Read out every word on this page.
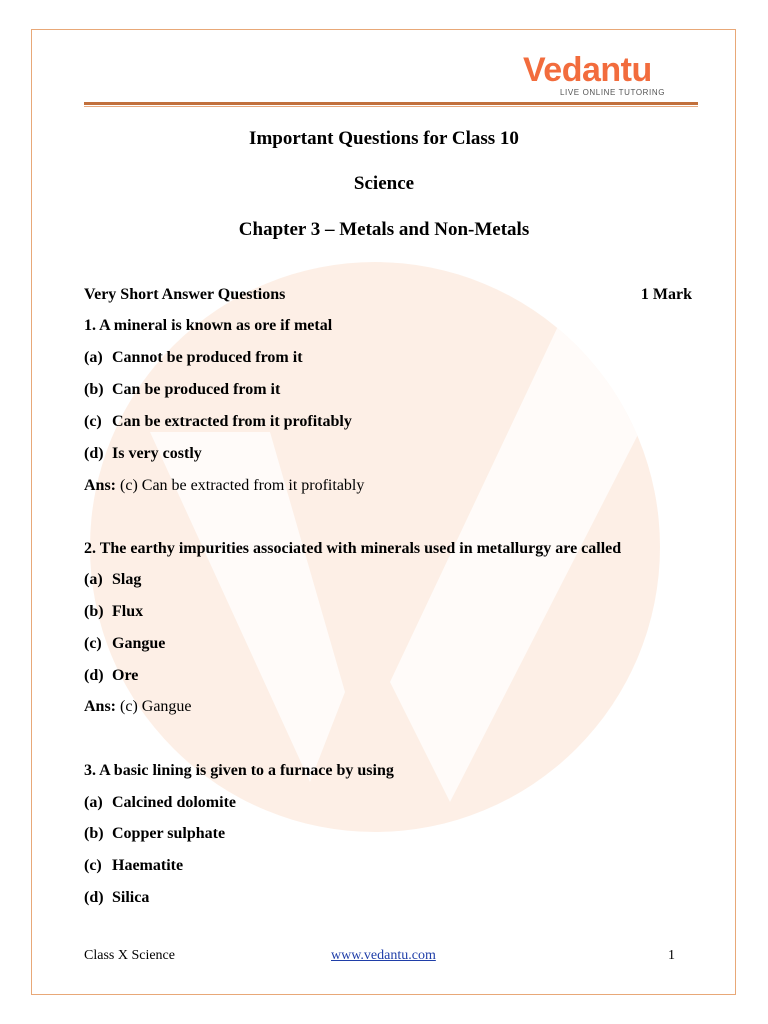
Vedantu
LIVE ONLINE TUTORING
Important Questions for Class 10
Science
Chapter 3 – Metals and Non-Metals
Very Short Answer Questions	1 Mark
1. A mineral is known as ore if metal
(a) Cannot be produced from it
(b) Can be produced from it
(c) Can be extracted from it profitably
(d) Is very costly
Ans: (c) Can be extracted from it profitably
2. The earthy impurities associated with minerals used in metallurgy are called
(a) Slag
(b) Flux
(c) Gangue
(d) Ore
Ans: (c) Gangue
3. A basic lining is given to a furnace by using
(a) Calcined dolomite
(b) Copper sulphate
(c) Haematite
(d) Silica
Class X Science	www.vedantu.com	1
